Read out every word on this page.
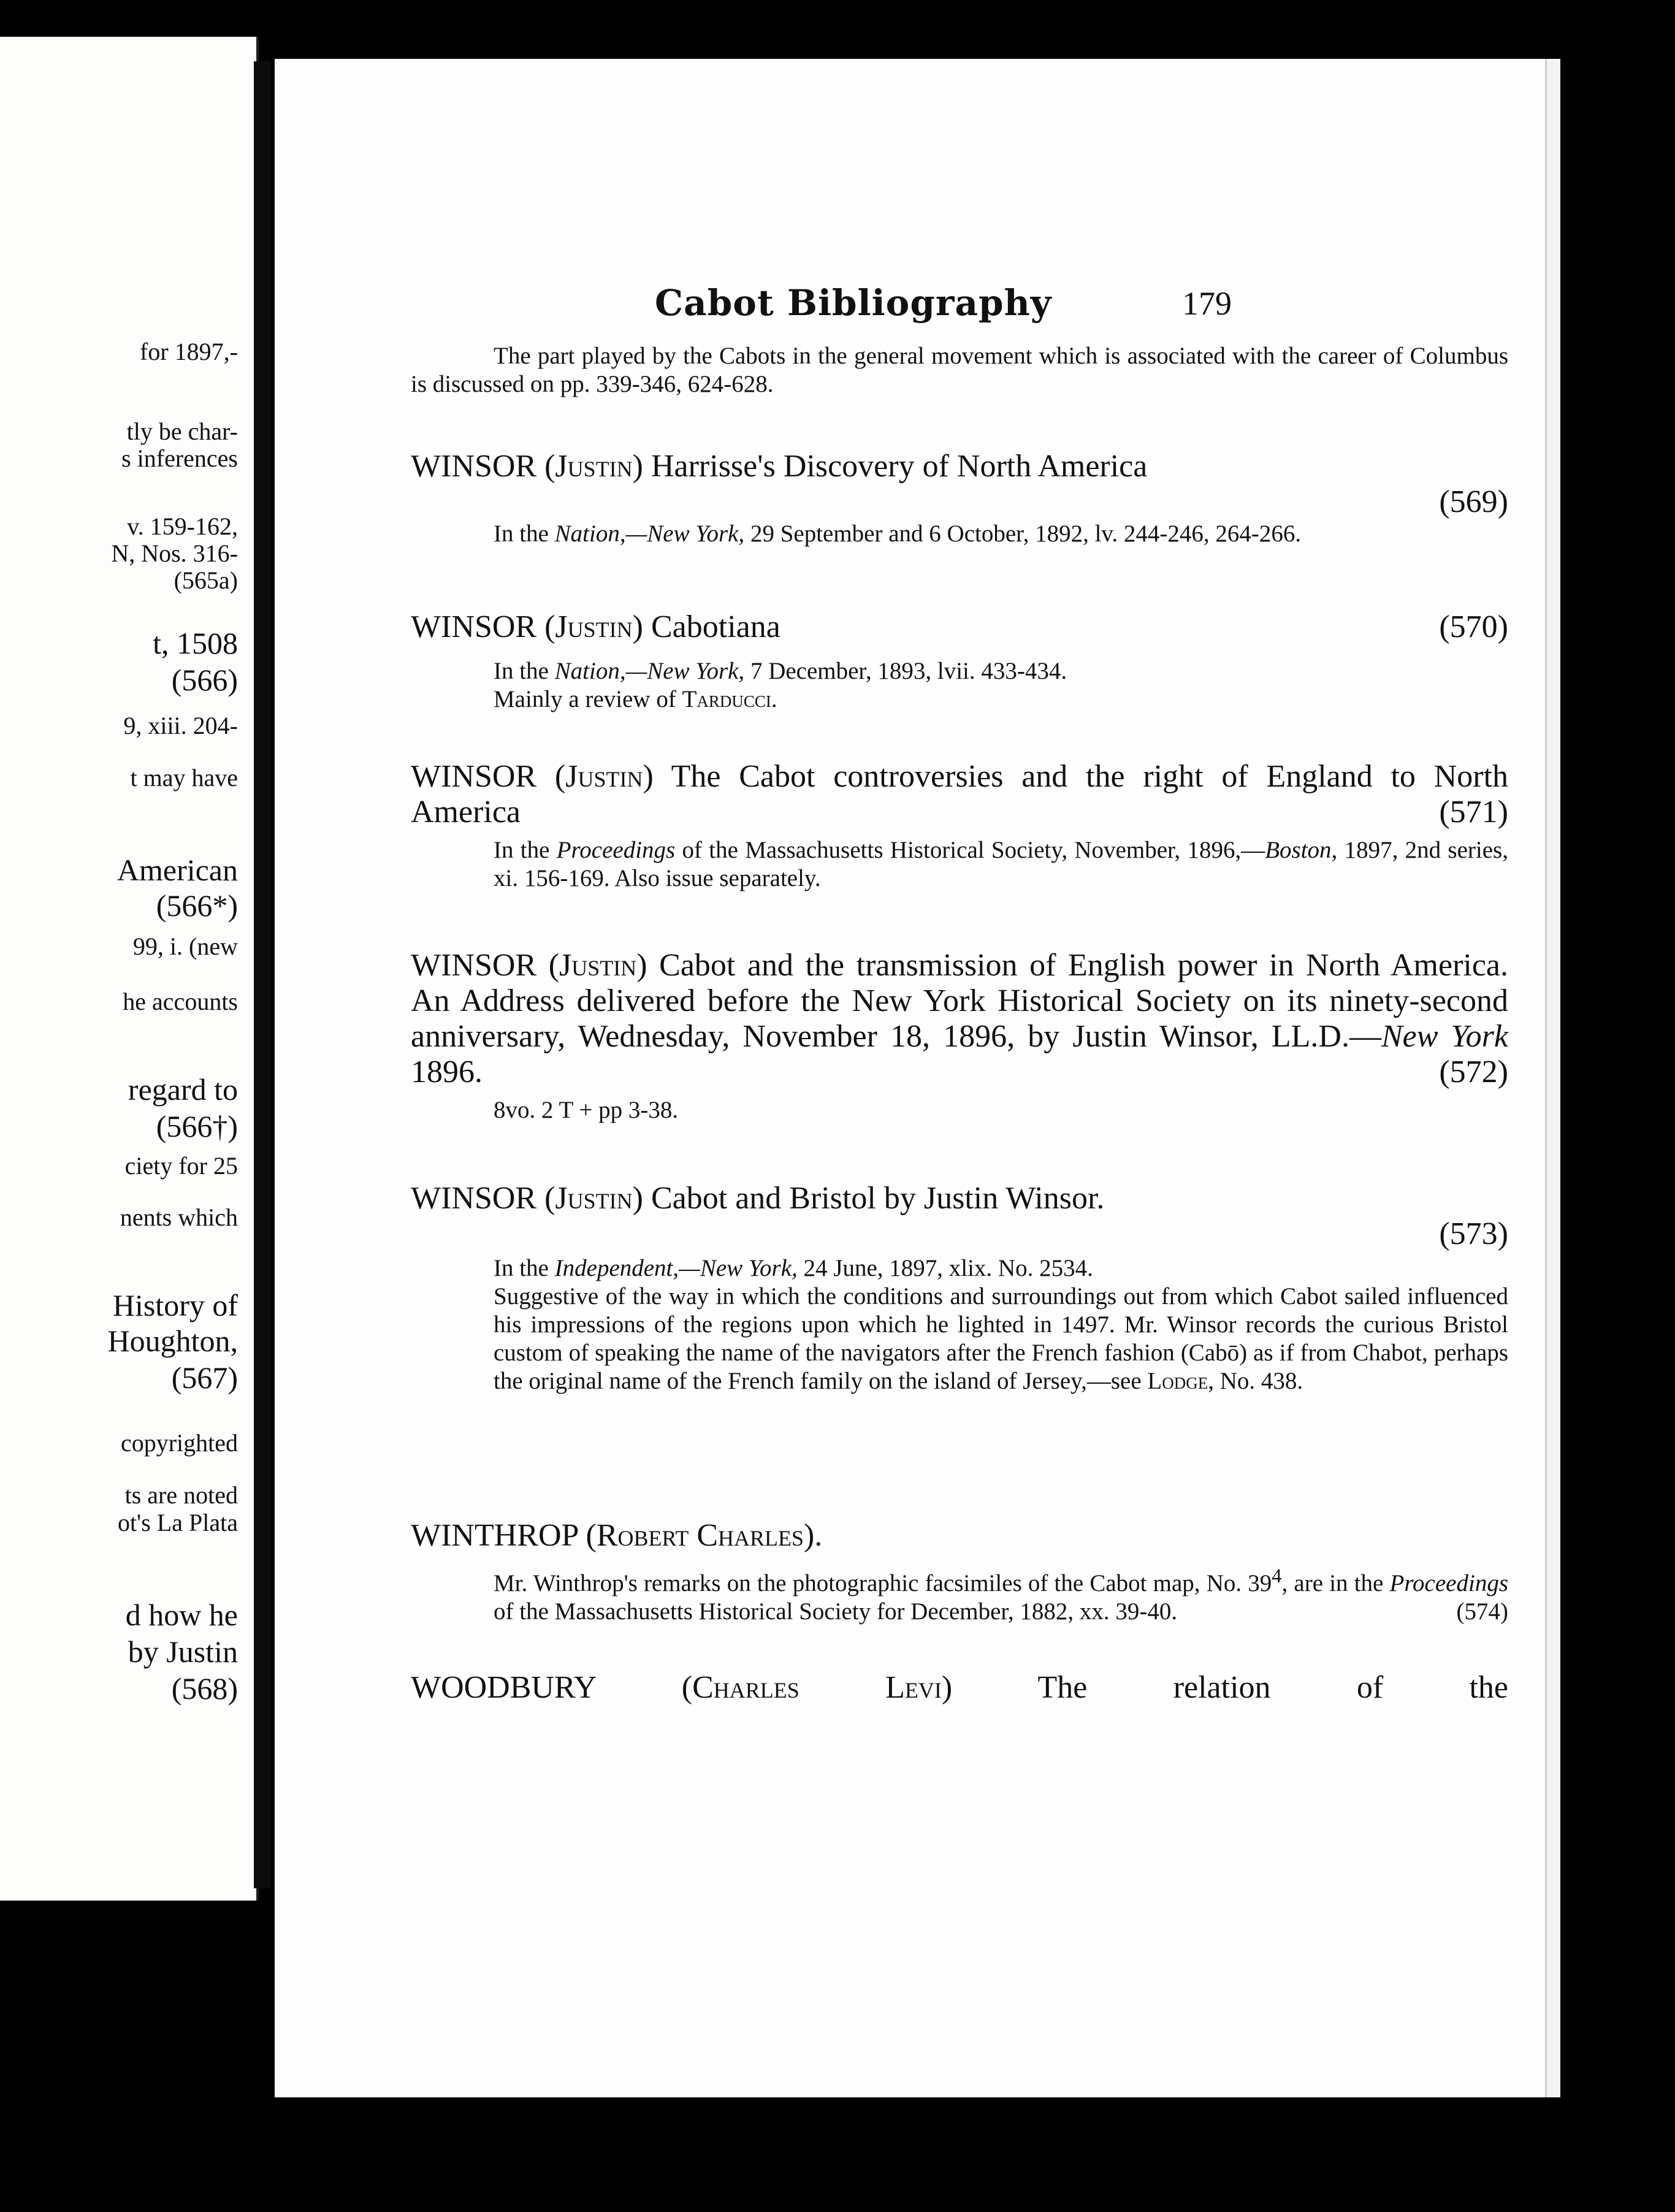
for 1897,-
tly be char-
s inferences
v. 159-162,
N, Nos. 316-
(565a)
t, 1508
(566)
9, xiii. 204-
t may have
American
(566*)
99, i. (new
he accounts
regard to
(566†)
ciety for 25
nents which
History of
Houghton,
(567)
copyrighted
ts are noted
ot's La Plata
d how he
by Justin
(568)
Cabot Bibliography	179
The part played by the Cabots in the general movement which is associated with the career of Columbus is discussed on pp. 339-346, 624-628.
WINSOR (Justin) Harrisse's Discovery of North America
(569)
In the Nation,—New York, 29 September and 6 October, 1892, lv. 244-246, 264-266.
WINSOR (Justin) Cabotiana	(570)
In the Nation,—New York, 7 December, 1893, lvii. 433-434.
Mainly a review of Tarducci.
WINSOR (Justin) The Cabot controversies and the right of England to North America	(571)
In the Proceedings of the Massachusetts Historical Society, November, 1896,—Boston, 1897, 2nd series, xi. 156-169. Also issue separately.
WINSOR (Justin) Cabot and the transmission of English power in North America. An Address delivered before the New York Historical Society on its ninety-second anniversary, Wednesday, November 18, 1896, by Justin Winsor, LL.D.—New York 1896.	(572)
8vo. 2 T + pp 3-38.
WINSOR (Justin) Cabot and Bristol by Justin Winsor.
(573)
In the Independent,—New York, 24 June, 1897, xlix. No. 2534.
Suggestive of the way in which the conditions and surroundings out from which Cabot sailed influenced his impressions of the regions upon which he lighted in 1497. Mr. Winsor records the curious Bristol custom of speaking the name of the navigators after the French fashion (Cabō) as if from Chabot, perhaps the original name of the French family on the island of Jersey,—see Lodge, No. 438.
WINTHROP (Robert Charles).
Mr. Winthrop's remarks on the photographic facsimiles of the Cabot map, No. $39^4$, are in the Proceedings of the Massachusetts Historical Society for December, 1882, xx. 39-40.	(574)
WOODBURY	(Charles Levi)	The relation of the
